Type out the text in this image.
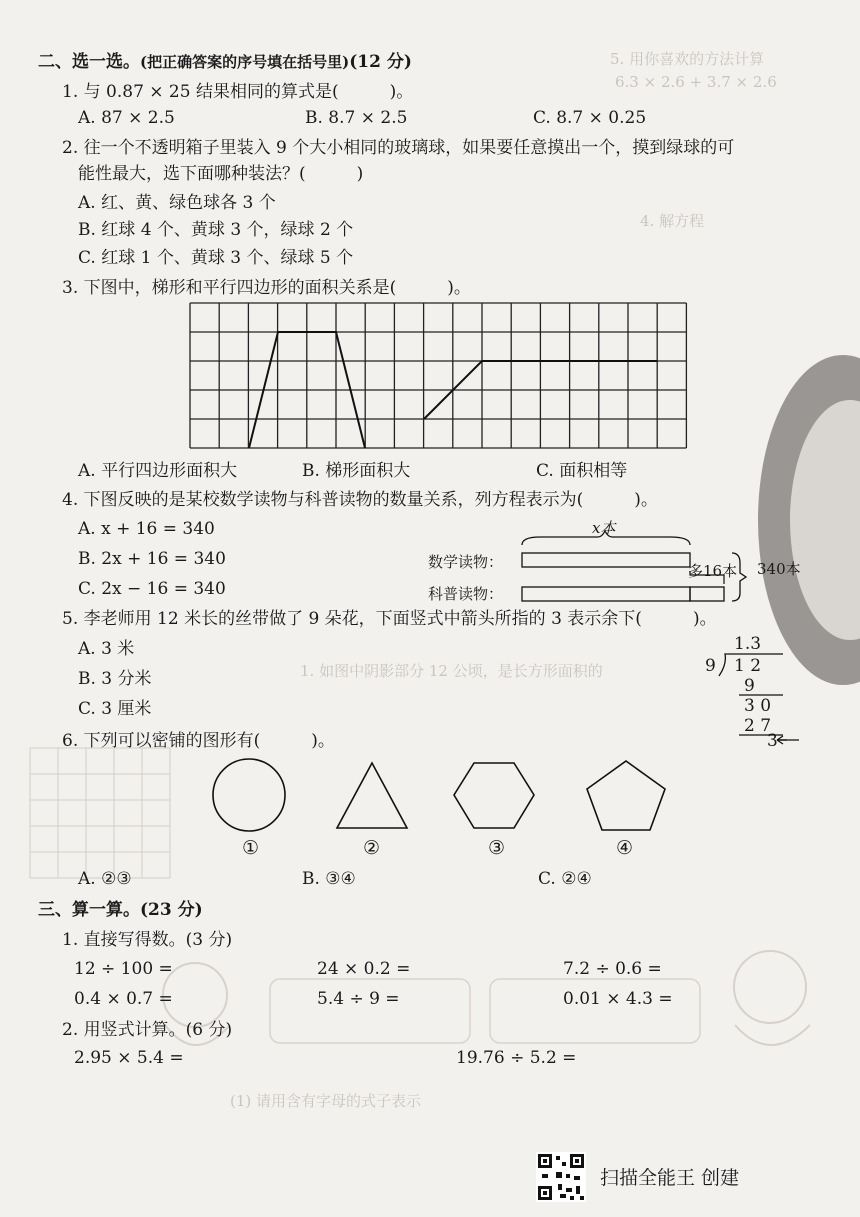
5. 用你喜欢的方法计算
6.3 × 2.6 + 3.7 × 2.6
4. 解方程
1. 如图中阴影部分 12 公顷，是长方形面积的
(1) 请用含有字母的式子表示
二、选一选。(把正确答案的序号填在括号里)(12 分)
1. 与 0.87 × 25 结果相同的算式是(　　　)。
A. 87 × 2.5	B. 8.7 × 2.5	C. 8.7 × 0.25
2. 往一个不透明箱子里装入 9 个大小相同的玻璃球，如果要任意摸出一个，摸到绿球的可
能性最大，选下面哪种装法？(　　　)
A. 红、黄、绿色球各 3 个
B. 红球 4 个、黄球 3 个，绿球 2 个
C. 红球 1 个、黄球 3 个、绿球 5 个
3. 下图中，梯形和平行四边形的面积关系是(　　　)。
A. 平行四边形面积大	B. 梯形面积大	C. 面积相等
4. 下图反映的是某校数学读物与科普读物的数量关系，列方程表示为(　　　)。
A. x + 16 = 340
B. 2x + 16 = 340
C. 2x − 16 = 340
x本
数学读物：
科普读物：
多16本 340本
5. 李老师用 12 米长的丝带做了 9 朵花，下面竖式中箭头所指的 3 表示余下(　　　)。
A. 3 米
B. 3 分米
C. 3 厘米
1.3
9 1 2
9
3 0
2 7
3
6. 下列可以密铺的图形有(　　　)。
①	②	③	④
A. ②③	B. ③④	C. ②④
三、算一算。(23 分)
1. 直接写得数。(3 分)
12 ÷ 100 =	24 × 0.2 =	7.2 ÷ 0.6 =
0.4 × 0.7 =	5.4 ÷ 9 =	0.01 × 4.3 =
2. 用竖式计算。(6 分)
2.95 × 5.4 =	19.76 ÷ 5.2 =
扫描全能王 创建
